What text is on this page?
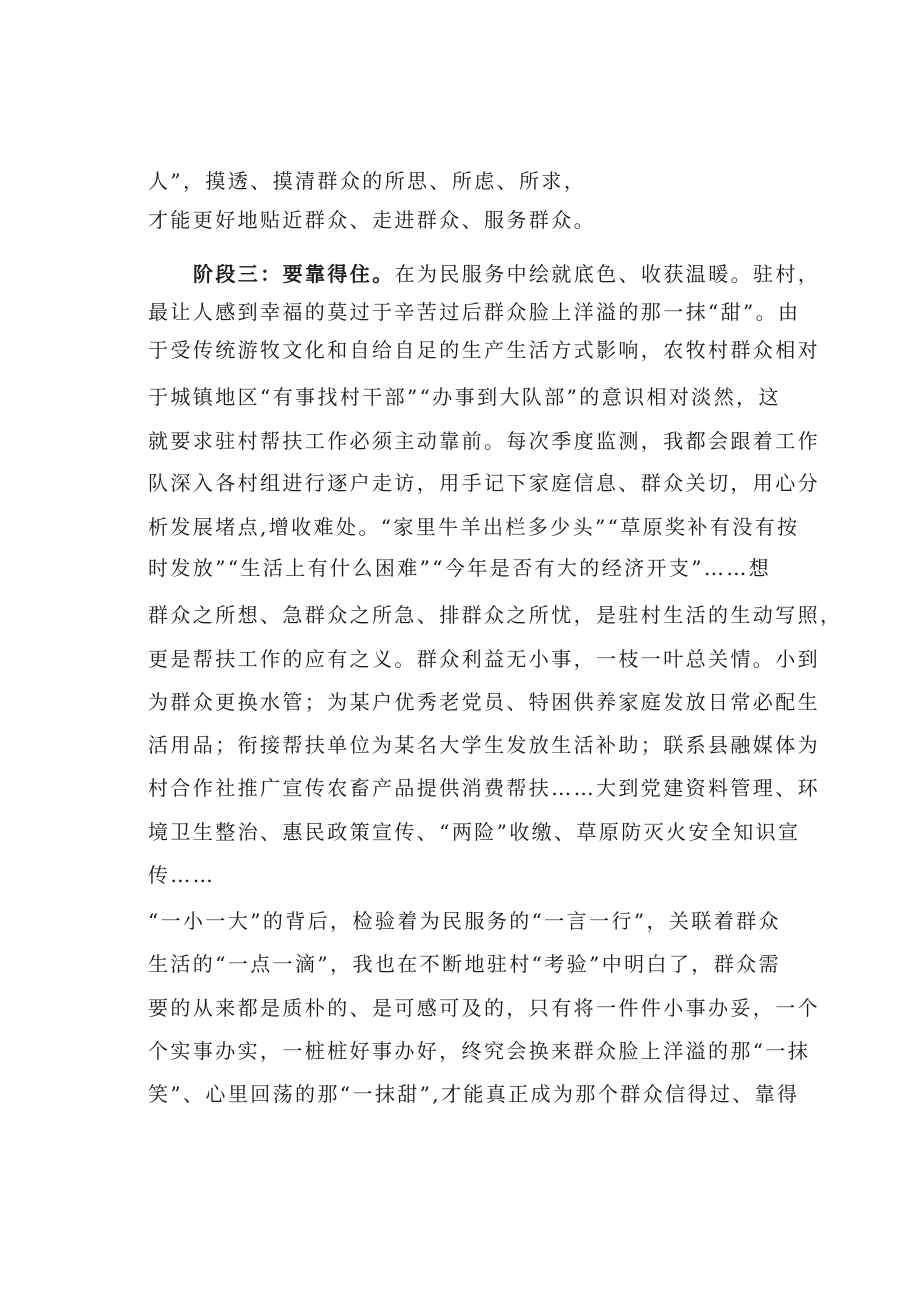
人”，摸透、摸清群众的所思、所虑、所求，
才能更好地贴近群众、走进群众、服务群众。
阶段三：要靠得住。在为民服务中绘就底色、收获温暖。驻村，
最让人感到幸福的莫过于辛苦过后群众脸上洋溢的那一抹“甜”。由
于受传统游牧文化和自给自足的生产生活方式影响，农牧村群众相对
于城镇地区“有事找村干部”“办事到大队部”的意识相对淡然，这
就要求驻村帮扶工作必须主动靠前。每次季度监测，我都会跟着工作
队深入各村组进行逐户走访，用手记下家庭信息、群众关切，用心分
析发展堵点,增收难处。“家里牛羊出栏多少头”“草原奖补有没有按
时发放”“生活上有什么困难”“今年是否有大的经济开支”……想
群众之所想、急群众之所急、排群众之所忧，是驻村生活的生动写照，
更是帮扶工作的应有之义。群众利益无小事，一枝一叶总关情。小到
为群众更换水管；为某户优秀老党员、特困供养家庭发放日常必配生
活用品；衔接帮扶单位为某名大学生发放生活补助；联系县融媒体为
村合作社推广宣传农畜产品提供消费帮扶……大到党建资料管理、环
境卫生整治、惠民政策宣传、“两险”收缴、草原防灭火安全知识宣
传……
“一小一大”的背后，检验着为民服务的“一言一行”，关联着群众
生活的“一点一滴”，我也在不断地驻村“考验”中明白了，群众需
要的从来都是质朴的、是可感可及的，只有将一件件小事办妥，一个
个实事办实，一桩桩好事办好，终究会换来群众脸上洋溢的那“一抹
笑”、心里回荡的那“一抹甜”,才能真正成为那个群众信得过、靠得
